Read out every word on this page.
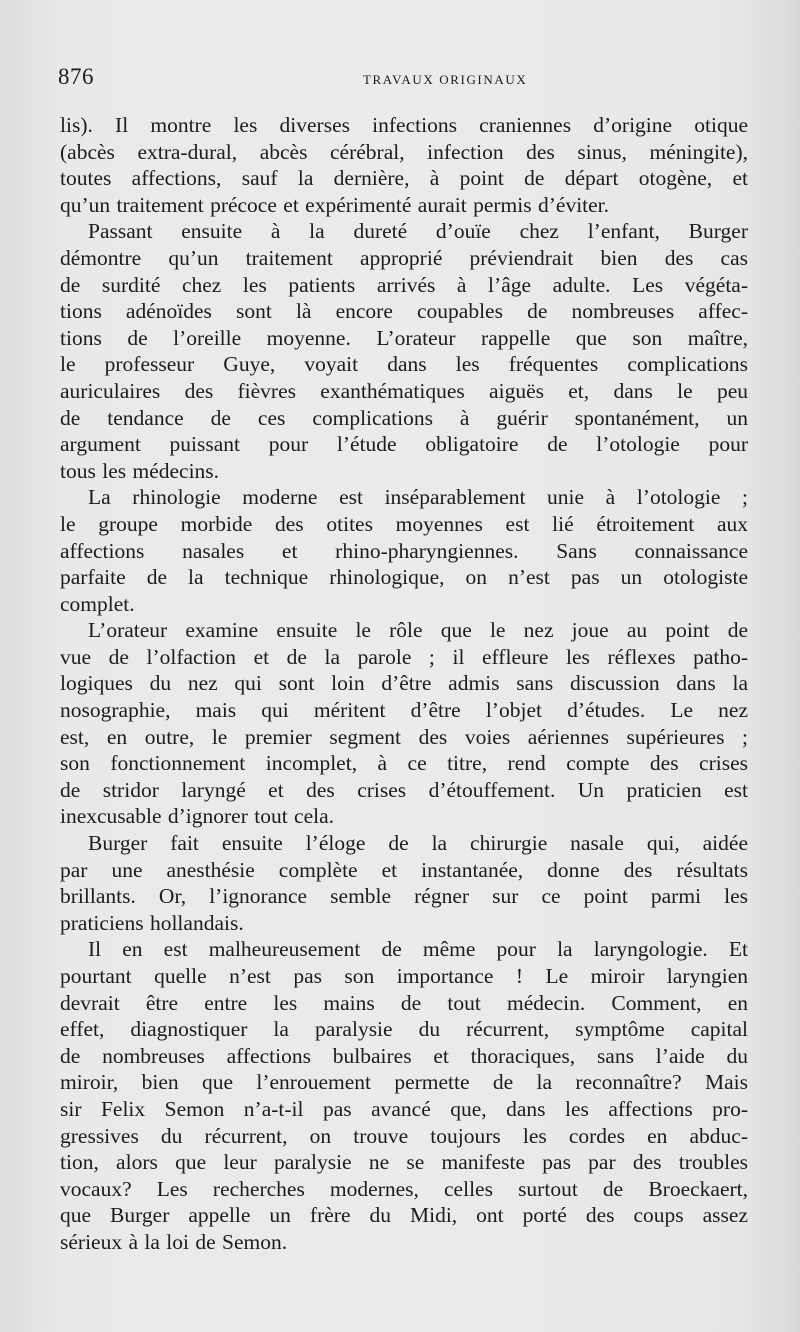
876	TRAVAUX ORIGINAUX
lis). Il montre les diverses infections craniennes d’origine otique
(abcès extra-dural, abcès cérébral, infection des sinus, méningite),
toutes affections, sauf la dernière, à point de départ otogène, et
qu’un traitement précoce et expérimenté aurait permis d’éviter.
Passant ensuite à la dureté d’ouïe chez l’enfant, Burger
démontre qu’un traitement approprié préviendrait bien des cas
de surdité chez les patients arrivés à l’âge adulte. Les végéta-
tions adénoïdes sont là encore coupables de nombreuses affec-
tions de l’oreille moyenne. L’orateur rappelle que son maître,
le professeur Guye, voyait dans les fréquentes complications
auriculaires des fièvres exanthématiques aiguës et, dans le peu
de tendance de ces complications à guérir spontanément, un
argument puissant pour l’étude obligatoire de l’otologie pour
tous les médecins.
La rhinologie moderne est inséparablement unie à l’otologie ;
le groupe morbide des otites moyennes est lié étroitement aux
affections nasales et rhino-pharyngiennes. Sans connaissance
parfaite de la technique rhinologique, on n’est pas un otologiste
complet.
L’orateur examine ensuite le rôle que le nez joue au point de
vue de l’olfaction et de la parole ; il effleure les réflexes patho-
logiques du nez qui sont loin d’être admis sans discussion dans la
nosographie, mais qui méritent d’être l’objet d’études. Le nez
est, en outre, le premier segment des voies aériennes supérieures ;
son fonctionnement incomplet, à ce titre, rend compte des crises
de stridor laryngé et des crises d’étouffement. Un praticien est
inexcusable d’ignorer tout cela.
Burger fait ensuite l’éloge de la chirurgie nasale qui, aidée
par une anesthésie complète et instantanée, donne des résultats
brillants. Or, l’ignorance semble régner sur ce point parmi les
praticiens hollandais.
Il en est malheureusement de même pour la laryngologie. Et
pourtant quelle n’est pas son importance ! Le miroir laryngien
devrait être entre les mains de tout médecin. Comment, en
effet, diagnostiquer la paralysie du récurrent, symptôme capital
de nombreuses affections bulbaires et thoraciques, sans l’aide du
miroir, bien que l’enrouement permette de la reconnaître? Mais
sir Felix Semon n’a-t-il pas avancé que, dans les affections pro-
gressives du récurrent, on trouve toujours les cordes en abduc-
tion, alors que leur paralysie ne se manifeste pas par des troubles
vocaux? Les recherches modernes, celles surtout de Broeckaert,
que Burger appelle un frère du Midi, ont porté des coups assez
sérieux à la loi de Semon.
